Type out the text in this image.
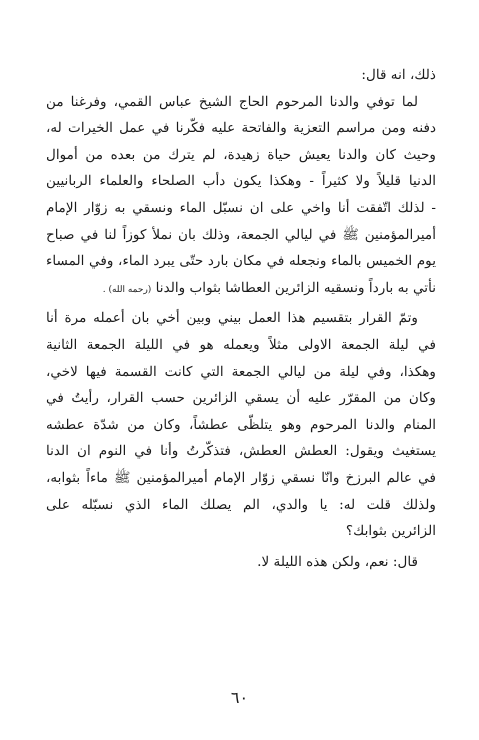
ذلك، انه قال:
لما توفي والدنا المرحوم الحاج الشيخ عباس القمي، وفرغنا من
دفنه ومن مراسم التعزية والفاتحة عليه فكّرنا في عمل الخيرات له،
وحيث كان والدنا يعيش حياة زهيدة، لم يترك من بعده من أموال
الدنيا قليلاً ولا كثيراً - وهكذا يكون دأب الصلحاء والعلماء الربانيين
- لذلك اتّفقت أنا واخي على ان نسبّل الماء ونسقي به زوّار الإمام
أميرالمؤمنين ﷺ في ليالي الجمعة، وذلك بان نملأ كوزاً لنا في صباح
يوم الخميس بالماء ونجعله في مكان بارد حتّى يبرد الماء، وفي المساء
نأتي به بارداً ونسقيه الزائرين العطاشا بثواب والدنا (رحمه الله) .
وتمّ القرار بتقسيم هذا العمل بيني وبين أخي بان أعمله مرة أنا
في ليلة الجمعة الاولى مثلاً ويعمله هو في الليلة الجمعة الثانية
وهكذا، وفي ليلة من ليالي الجمعة التي كانت القسمة فيها لاخي،
وكان من المقرّر عليه أن يسقي الزائرين حسب القرار، رأيتُ في
المنام والدنا المرحوم وهو يتلظّى عطشاً، وكان من شدّة عطشه
يستغيث ويقول: العطش العطش، فتذكّرتُ وأنا في النوم ان الدنا
في عالم البرزخ وانّا نسقي زوّار الإمام أميرالمؤمنين ﷺ ماءاً بثوابه،
ولذلك قلت له: يا والدي، الم يصلك الماء الذي نسبّله على
الزائرين بثوابك؟
قال: نعم، ولكن هذه الليلة لا.
٦٠
